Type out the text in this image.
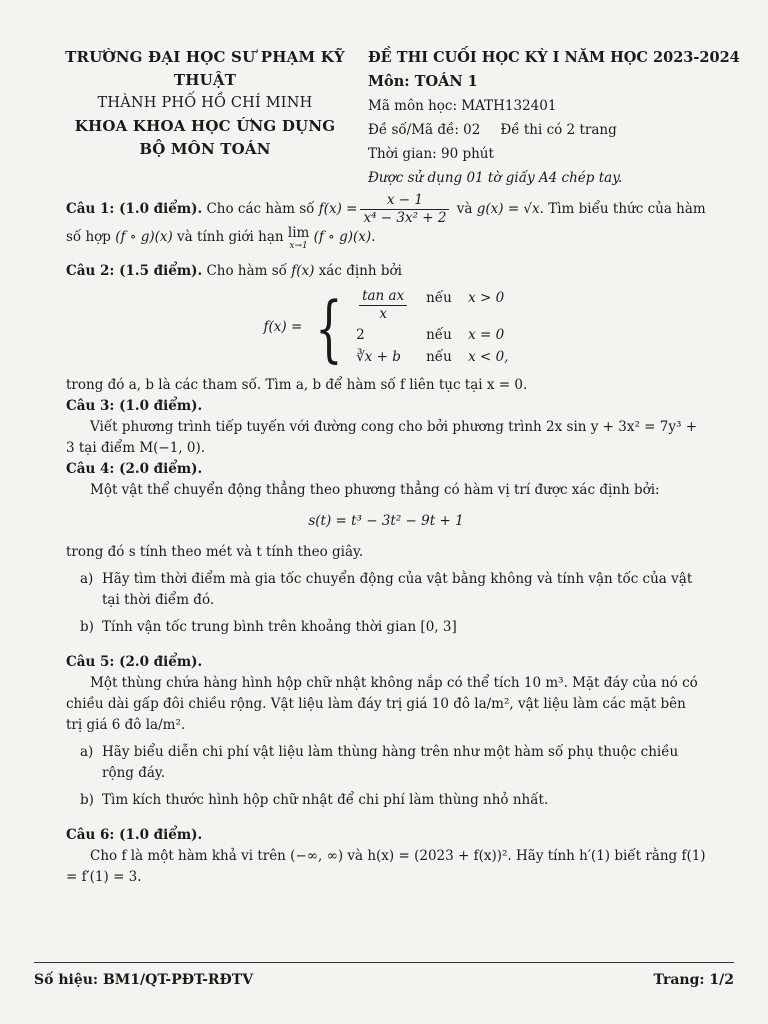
TRƯỜNG ĐẠI HỌC SƯ PHẠM KỸ THUẬT
THÀNH PHỐ HỒ CHÍ MINH
KHOA KHOA HỌC ỨNG DỤNG
BỘ MÔN TOÁN
ĐỀ THI CUỐI HỌC KỲ I NĂM HỌC 2023-2024
Môn: TOÁN 1
Mã môn học: MATH132401
Đề số/Mã đề: 02 Đề thi có 2 trang
Thời gian: 90 phút
Được sử dụng 01 tờ giấy A4 chép tay.

Câu 1: (1.0 điểm). Cho các hàm số $f(x) = \frac{x - 1}{\text{x⁴ − 3x² + 2}}$ và g(x) = √x. Tìm biểu thức của hàm số hợp (f ∘ g)(x) và tính giới hạn lim
x→1
(f ∘ g)(x).

Câu 2: (1.5 điểm). Cho hàm số f(x) xác định bởi

f(x) = { $\frac{\text{tan ax}}{x}$ nếu	x > 0
2	nếu	x = 0
∛x + b	nếu	x < 0,

trong đó a, b là các tham số. Tìm a, b để hàm số f liên tục tại x = 0.

Câu 3: (1.0 điểm).

Viết phương trình tiếp tuyến với đường cong cho bởi phương trình 2x sin y + 3x² = 7y³ + 3 tại điểm M(−1, 0).

Câu 4: (2.0 điểm).

Một vật thể chuyển động thẳng theo phương thẳng có hàm vị trí được xác định bởi:

s(t) = t³ − 3t² − 9t + 1

trong đó s tính theo mét và t tính theo giây.

a) Hãy tìm thời điểm mà gia tốc chuyển động của vật bằng không và tính vận tốc của vật tại thời điểm đó.
b) Tính vận tốc trung bình trên khoảng thời gian [0, 3]

Câu 5: (2.0 điểm).

Một thùng chứa hàng hình hộp chữ nhật không nắp có thể tích 10 m³. Mặt đáy của nó có chiều dài gấp đôi chiều rộng. Vật liệu làm đáy trị giá 10 đô la/m², vật liệu làm các mặt bên trị giá 6 đô la/m².

a) Hãy biểu diễn chi phí vật liệu làm thùng hàng trên như một hàm số phụ thuộc chiều rộng đáy.
b) Tìm kích thước hình hộp chữ nhật để chi phí làm thùng nhỏ nhất.

Câu 6: (1.0 điểm).

Cho f là một hàm khả vi trên (−∞, ∞) và h(x) = (2023 + f(x))². Hãy tính h′(1) biết rằng f(1) = f′(1) = 3.

Số hiệu: BM1/QT-PĐT-RĐTV	Trang: 1/2
